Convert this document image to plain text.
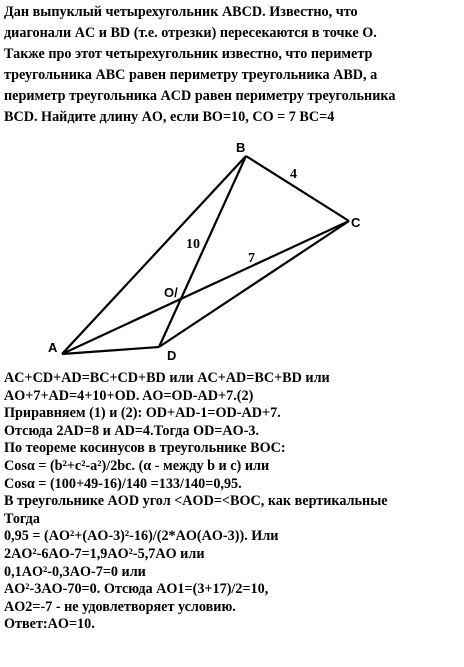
Дан выпуклый четырехугольник ABCD. Известно, что
диагонали AC и BD (т.е. отрезки) пересекаются в точке O.
Также про этот четырехугольник известно, что периметр
треугольника ABC равен периметру треугольника ABD, а
периметр треугольника ACD равен периметру треугольника
BCD. Найдите длину AO, если BO=10, CO = 7 BC=4
A
B
C
D
O/
4
10
7
AC+CD+AD=BC+CD+BD или AC+AD=BC+BD или
AO+7+AD=4+10+OD. AO=OD-AD+7.(2)
Приравняем (1) и (2): OD+AD-1=OD-AD+7.
Отсюда 2AD=8 и AD=4.Тогда OD=AO-3.
По теореме косинусов в треугольнике BOC:
Cosα = (b²+c²-a²)/2bc. (α - между b и c) или
Cosα = (100+49-16)/140 =133/140=0,95.
В треугольнике AOD угол <AOD=<BOC, как вертикальные
Тогда
0,95 = (AO²+(AO-3)²-16)/(2*AO(AO-3)). Или
2AO²-6AO-7=1,9AO²-5,7AO или
0,1AO²-0,3AO-7=0 или
AO²-3AO-70=0. Отсюда AO1=(3+17)/2=10,
AO2=-7 - не удовлетворяет условию.
Ответ:AO=10.
